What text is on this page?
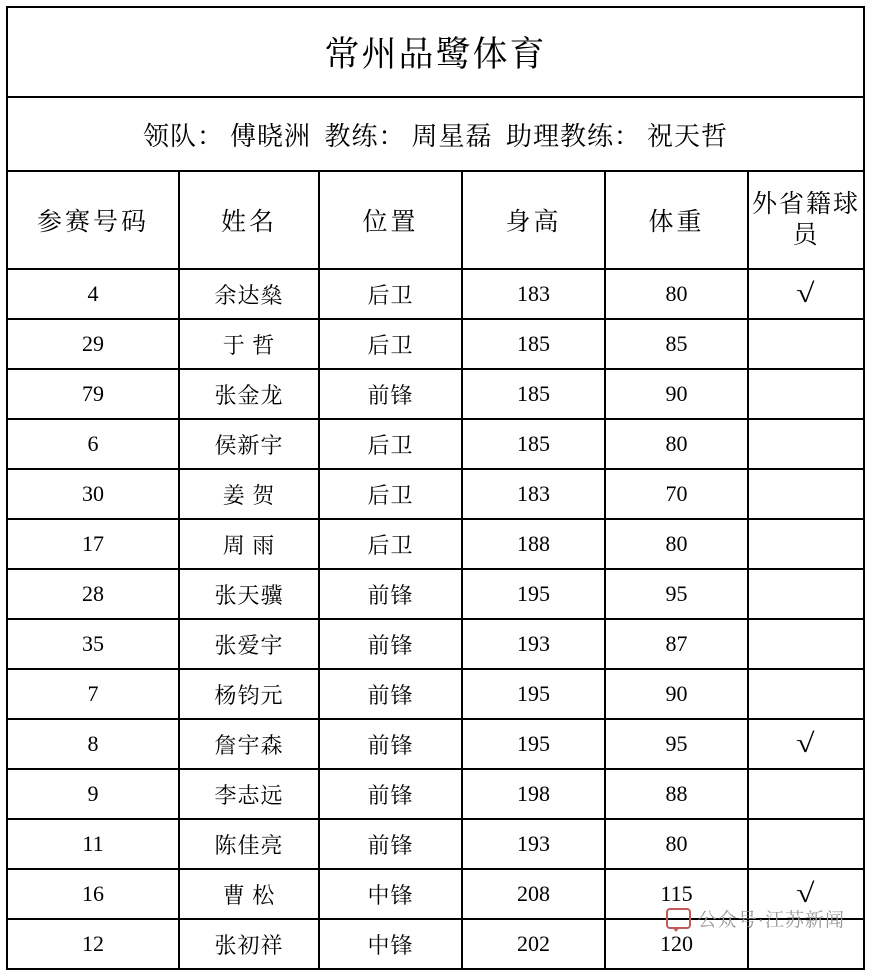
常州品鹭体育					
领队： 傅晓洲 教练： 周星磊 助理教练： 祝天哲					
参赛号码	姓名	位置	身高	体重	外省籍球员
4	余达燊	后卫	183	80	√
29	于 哲	后卫	185	85	
79	张金龙	前锋	185	90	
6	侯新宇	后卫	185	80	
30	姜 贺	后卫	183	70	
17	周 雨	后卫	188	80	
28	张天骥	前锋	195	95	
35	张爱宇	前锋	193	87	
7	杨钧元	前锋	195	90	
8	詹宇森	前锋	195	95	√
9	李志远	前锋	198	88	
11	陈佳亮	前锋	193	80	
16	曹 松	中锋	208	115	√
12	张初祥	中锋	202	120	
公众号·江苏新闻
